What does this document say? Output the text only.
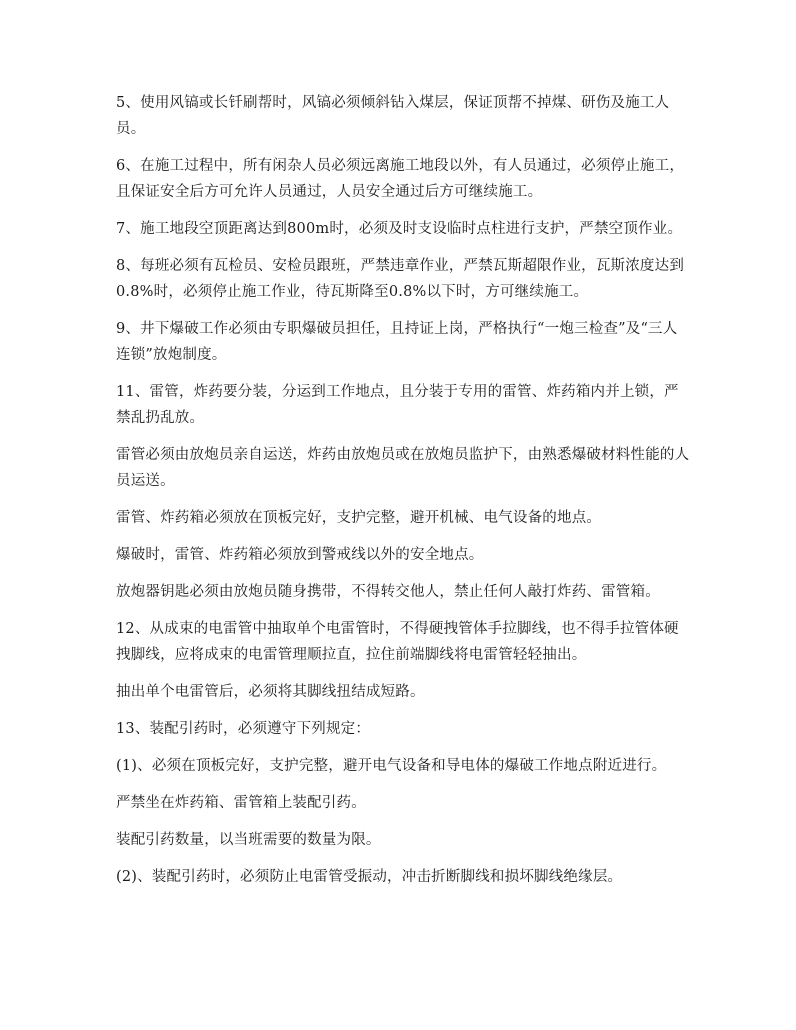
5、使用风镐或长钎刷帮时，风镐必须倾斜钻入煤层，保证顶帮不掉煤、研伤及施工人员。

6、在施工过程中，所有闲杂人员必须远离施工地段以外，有人员通过，必须停止施工，且保证安全后方可允许人员通过，人员安全通过后方可继续施工。

7、施工地段空顶距离达到800m时，必须及时支设临时点柱进行支护，严禁空顶作业。

8、每班必须有瓦检员、安检员跟班，严禁违章作业，严禁瓦斯超限作业，瓦斯浓度达到0.8%时，必须停止施工作业，待瓦斯降至0.8%以下时，方可继续施工。

9、井下爆破工作必须由专职爆破员担任，且持证上岗，严格执行“一炮三检查”及“三人连锁”放炮制度。

11、雷管，炸药要分装，分运到工作地点，且分装于专用的雷管、炸药箱内并上锁，严禁乱扔乱放。

雷管必须由放炮员亲自运送，炸药由放炮员或在放炮员监护下，由熟悉爆破材料性能的人员运送。

雷管、炸药箱必须放在顶板完好，支护完整，避开机械、电气设备的地点。

爆破时，雷管、炸药箱必须放到警戒线以外的安全地点。

放炮器钥匙必须由放炮员随身携带，不得转交他人，禁止任何人敲打炸药、雷管箱。

12、从成束的电雷管中抽取单个电雷管时，不得硬拽管体手拉脚线，也不得手拉管体硬拽脚线，应将成束的电雷管理顺拉直，拉住前端脚线将电雷管轻轻抽出。

抽出单个电雷管后，必须将其脚线扭结成短路。

13、装配引药时，必须遵守下列规定：

(1)、必须在顶板完好，支护完整，避开电气设备和导电体的爆破工作地点附近进行。

严禁坐在炸药箱、雷管箱上装配引药。

装配引药数量，以当班需要的数量为限。

(2)、装配引药时，必须防止电雷管受振动，冲击折断脚线和损坏脚线绝缘层。
